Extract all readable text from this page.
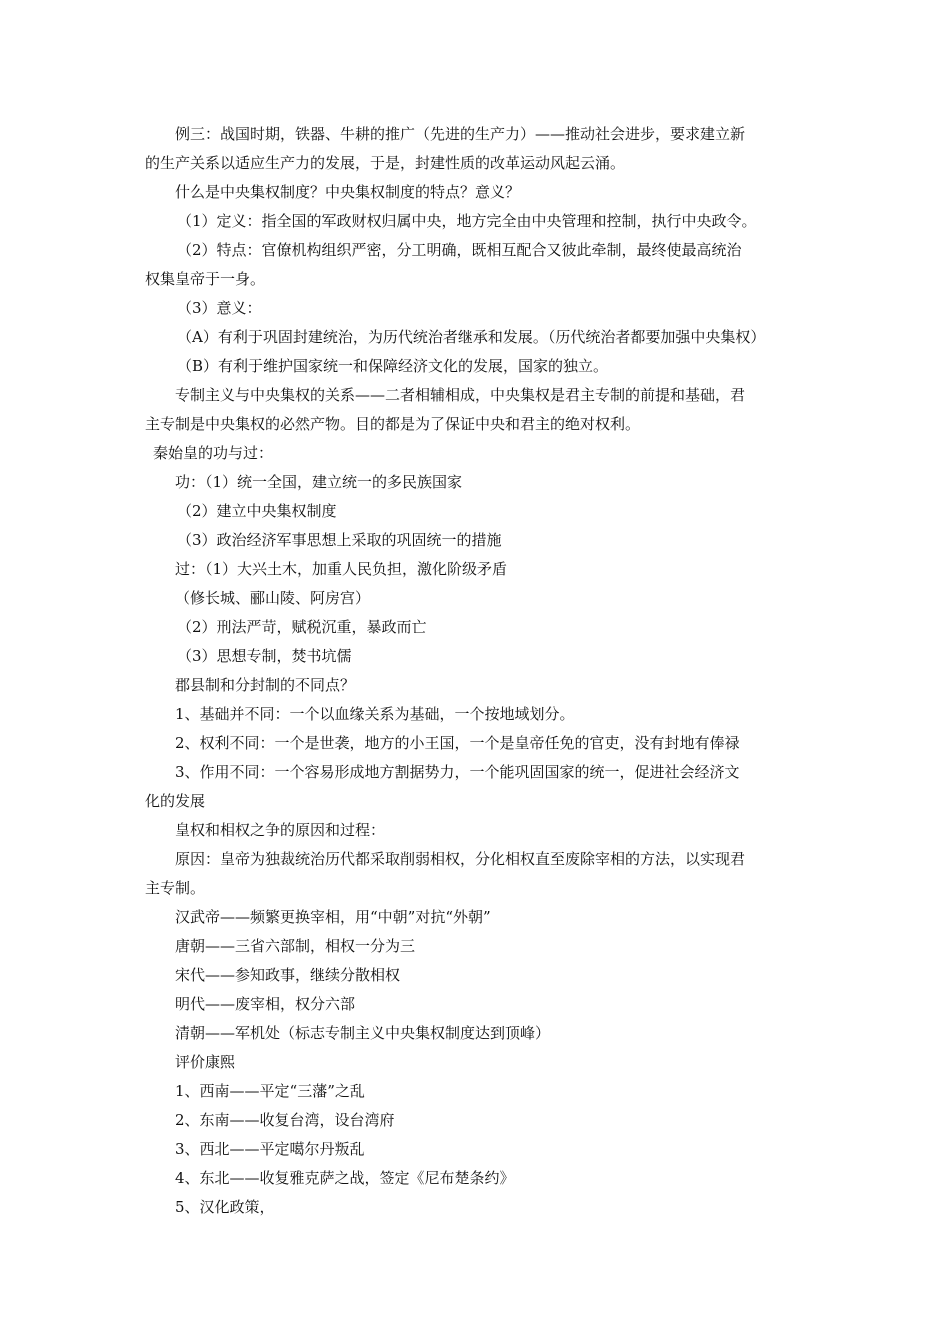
例三：战国时期，铁器、牛耕的推广（先进的生产力）——推动社会进步，要求建立新
的生产关系以适应生产力的发展，于是，封建性质的改革运动风起云涌。
什么是中央集权制度？中央集权制度的特点？意义？
（1）定义：指全国的军政财权归属中央，地方完全由中央管理和控制，执行中央政令。
（2）特点：官僚机构组织严密，分工明确，既相互配合又彼此牵制，最终使最高统治
权集皇帝于一身。
（3）意义：
（A）有利于巩固封建统治，为历代统治者继承和发展。（历代统治者都要加强中央集权）
（B）有利于维护国家统一和保障经济文化的发展，国家的独立。
专制主义与中央集权的关系——二者相辅相成，中央集权是君主专制的前提和基础，君
主专制是中央集权的必然产物。目的都是为了保证中央和君主的绝对权利。
秦始皇的功与过：
功：（1）统一全国，建立统一的多民族国家
（2）建立中央集权制度
（3）政治经济军事思想上采取的巩固统一的措施
过：（1）大兴土木，加重人民负担，激化阶级矛盾
（修长城、郦山陵、阿房宫）
（2）刑法严苛，赋税沉重，暴政而亡
（3）思想专制，焚书坑儒
郡县制和分封制的不同点？
1、基础并不同：一个以血缘关系为基础，一个按地域划分。
2、权利不同：一个是世袭，地方的小王国，一个是皇帝任免的官吏，没有封地有俸禄
3、作用不同：一个容易形成地方割据势力，一个能巩固国家的统一，促进社会经济文
化的发展
皇权和相权之争的原因和过程：
原因：皇帝为独裁统治历代都采取削弱相权，分化相权直至废除宰相的方法，以实现君
主专制。
汉武帝——频繁更换宰相，用“中朝”对抗“外朝”
唐朝——三省六部制，相权一分为三
宋代——参知政事，继续分散相权
明代——废宰相，权分六部
清朝——军机处（标志专制主义中央集权制度达到顶峰）
评价康熙
1、西南——平定“三藩”之乱
2、东南——收复台湾，设台湾府
3、西北——平定噶尔丹叛乱
4、东北——收复雅克萨之战，签定《尼布楚条约》
5、汉化政策，
